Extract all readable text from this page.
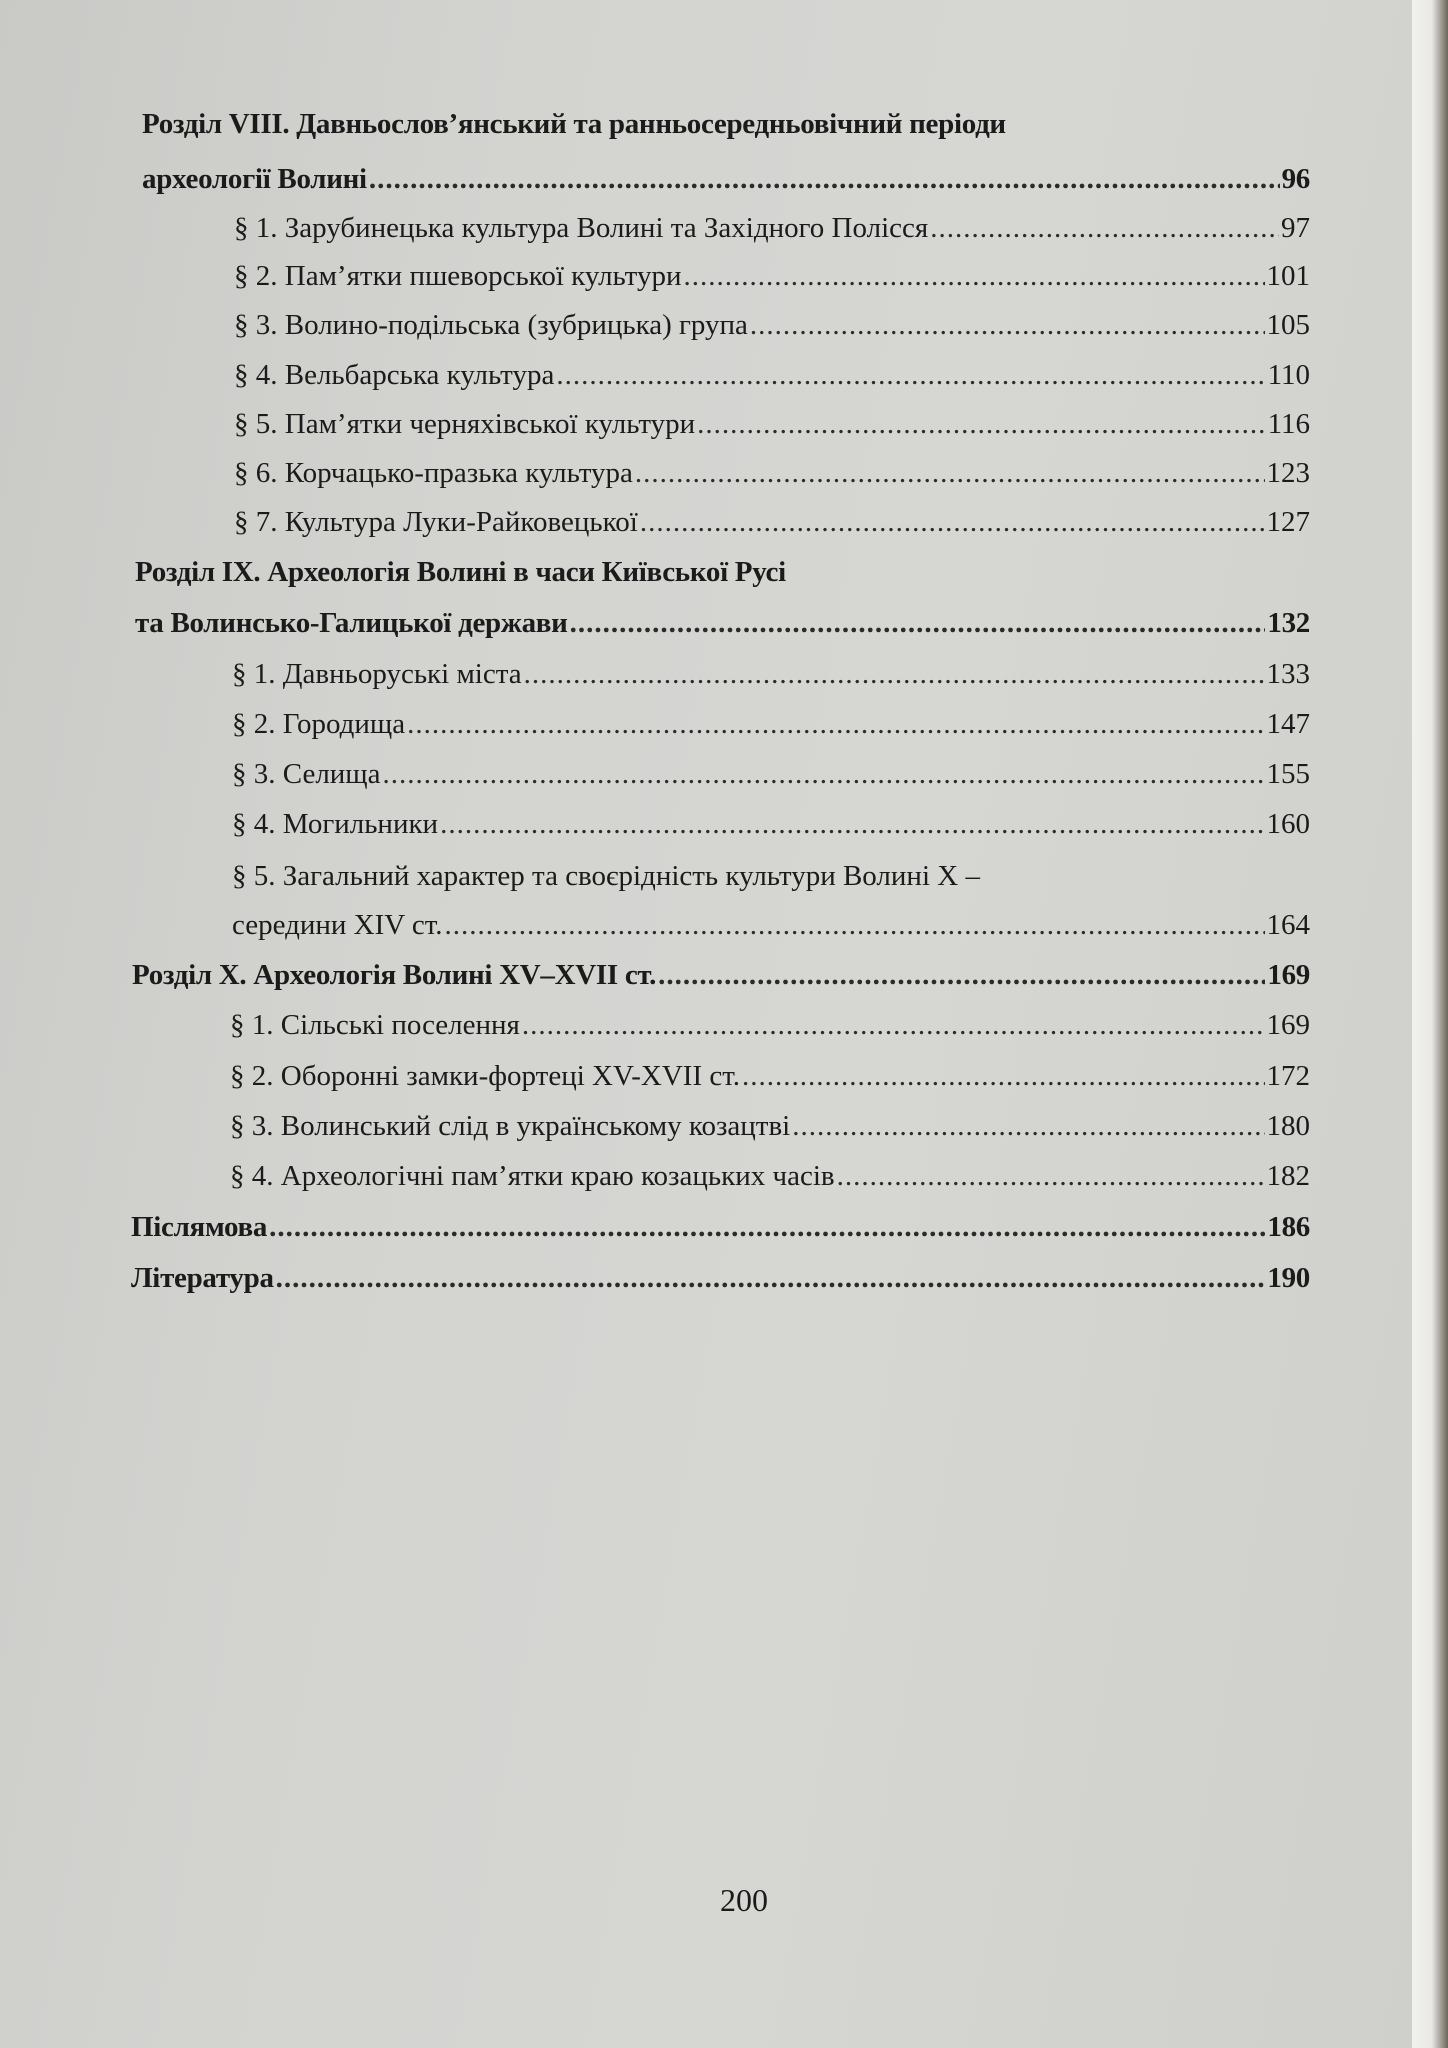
Розділ VIII. Давньослов’янський та ранньосередньовічний періоди
археології Волині .....	96
§ 1. Зарубинецька культура Волині та Західного Полісся .....	97
§ 2. Пам’ятки пшеворської культури .....	101
§ 3. Волино-подільська (зубрицька) група .....	105
§ 4. Вельбарська культура .....	110
§ 5. Пам’ятки черняхівської культури .....	116
§ 6. Корчацько-празька культура .....	123
§ 7. Культура Луки-Райковецької .....	127
Розділ IX. Археологія Волині в часи Київської Русі
та Волинсько-Галицької держави .....	132
§ 1. Давньоруські міста .....	133
§ 2. Городища .....	147
§ 3. Селища .....	155
§ 4. Могильники .....	160
§ 5. Загальний характер та своєрідність культури Волині X –
середини XIV ст. .....	164
Розділ X. Археологія Волині XV–XVII ст. .....	169
§ 1. Сільські поселення .....	169
§ 2. Оборонні замки-фортеці XV-XVII ст. .....	172
§ 3. Волинський слід в українському козацтві .....	180
§ 4. Археологічні пам’ятки краю козацьких часів .....	182
Післямова .....	186
Література .....	190
200
